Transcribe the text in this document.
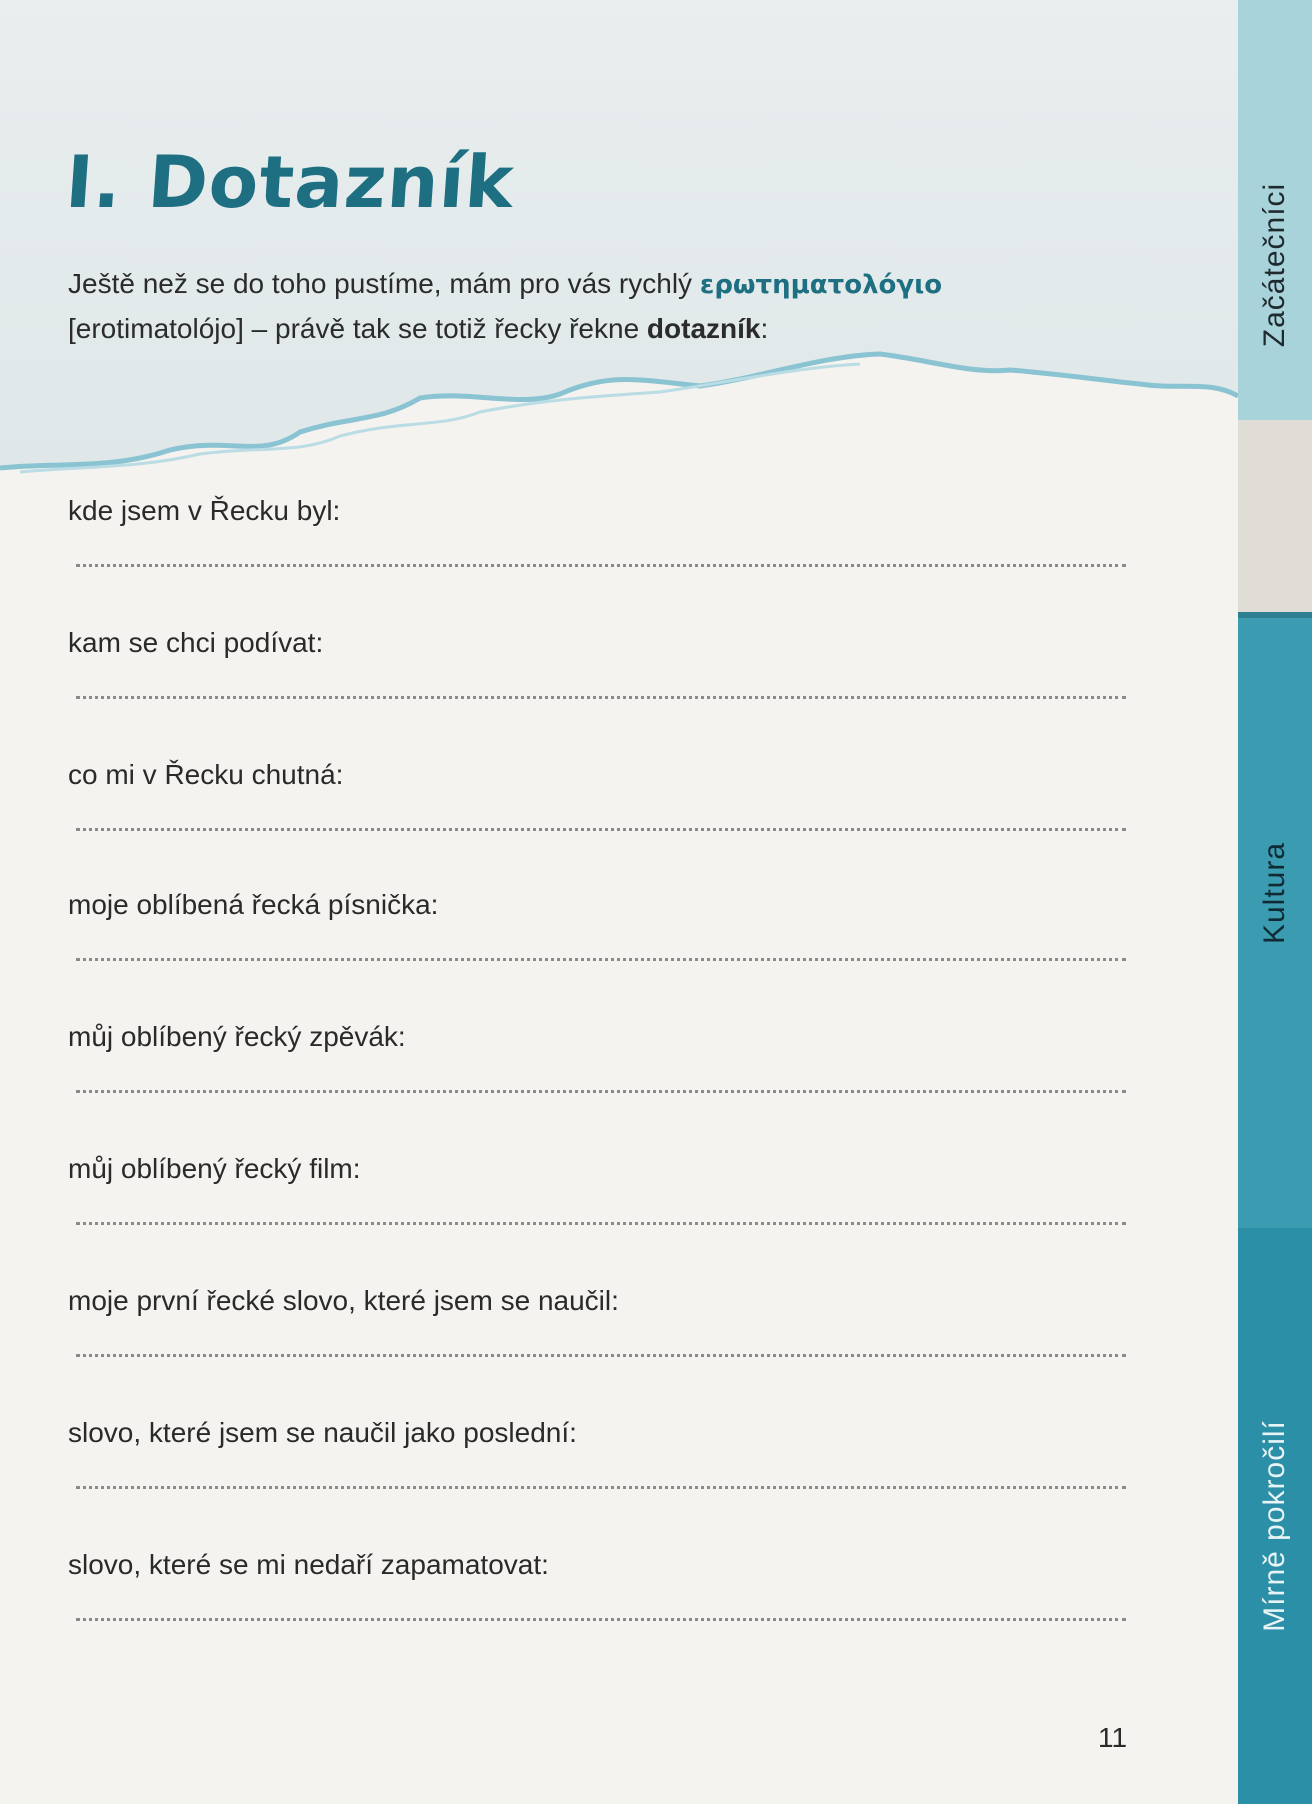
I. Dotazník

Ještě než se do toho pustíme, mám pro vás rychlý ερωτηματολόγιο
[erotimatolójo] – právě tak se totiž řecky řekne dotazník:

kde jsem v Řecku byl:
kam se chci podívat:
co mi v Řecku chutná:
moje oblíbená řecká písnička:
můj oblíbený řecký zpěvák:
můj oblíbený řecký film:
moje první řecké slovo, které jsem se naučil:
slovo, které jsem se naučil jako poslední:
slovo, které se mi nedaří zapamatovat:
11
Začátečníci
Kultura
Mírně pokročilí
